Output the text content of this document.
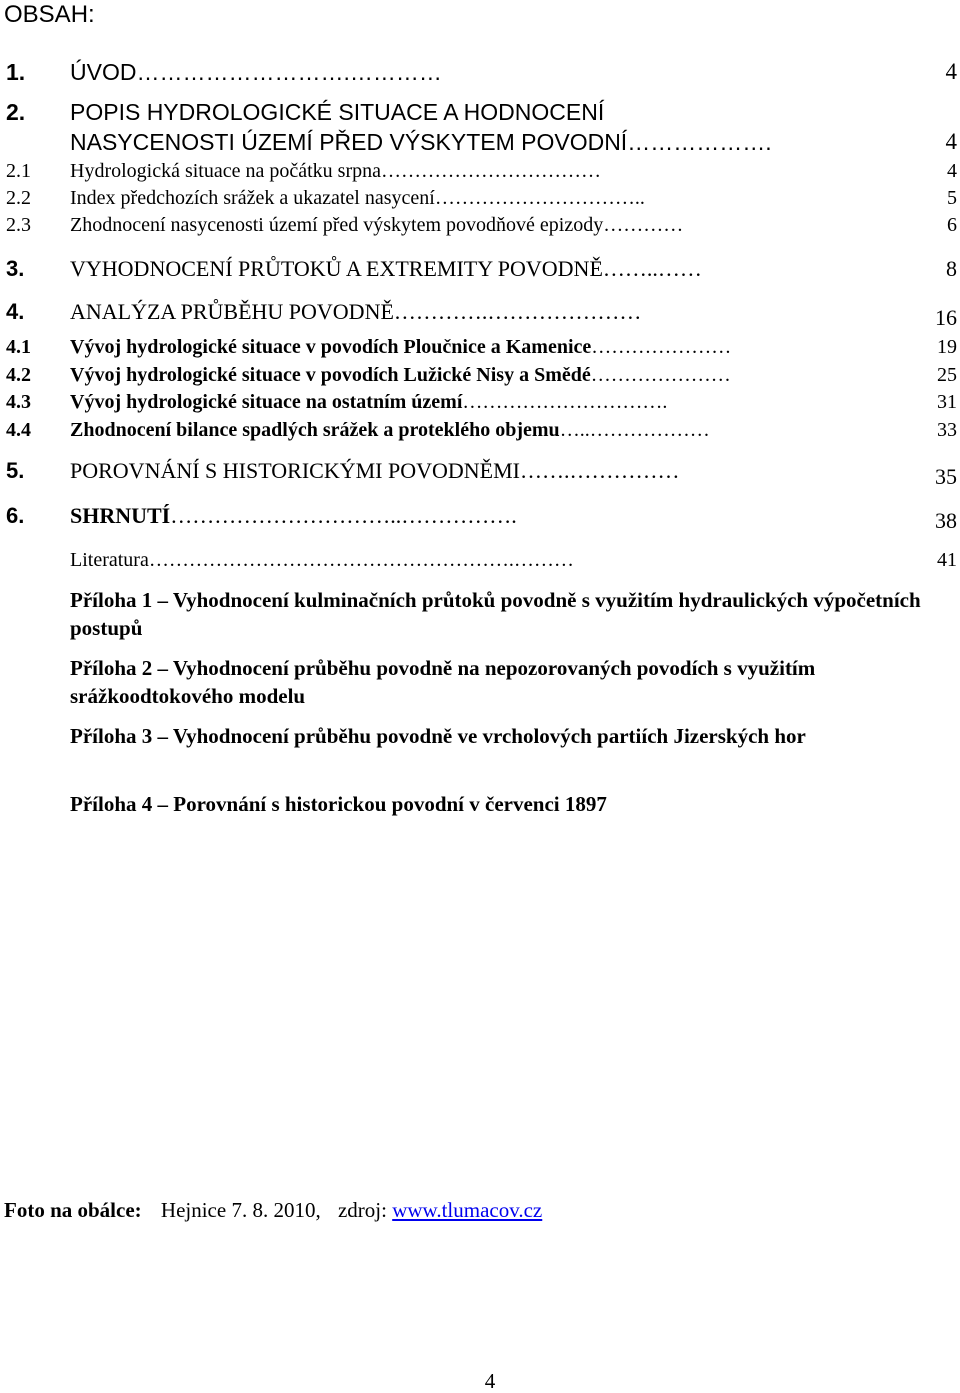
OBSAH:
1. ÚVOD……………………….…………	4
2. POPIS HYDROLOGICKÉ SITUACE A HODNOCENÍ
NASYCENOSTI ÚZEMÍ PŘED VÝSKYTEM POVODNÍ……………….	4
2.1 Hydrologická situace na počátku srpna……………………………	4
2.2 Index předchozích srážek a ukazatel nasycení…………………………..	5
2.3 Zhodnocení nasycenosti území před výskytem povodňové epizody…………	6
3. VYHODNOCENÍ PRŮTOKŮ A EXTREMITY POVODNĚ……..……	8
4. ANALÝZA PRŮBĚHU POVODNĚ………….…………………	16
4.1 Vývoj hydrologické situace v povodích Ploučnice a Kamenice…………………	19
4.2 Vývoj hydrologické situace v povodích Lužické Nisy a Smědé…………………	25
4.3 Vývoj hydrologické situace na ostatním území………………………….	31
4.4 Zhodnocení bilance spadlých srážek a proteklého objemu…..………………	33
5. POROVNÁNÍ S HISTORICKÝMI POVODNĚMI…….……………	35
6. SHRNUTÍ…………………………..…………….	38
Literatura……………………………………………….………	41
Příloha 1 – Vyhodnocení kulminačních průtoků povodně s využitím hydraulických výpočetních postupů
Příloha 2 – Vyhodnocení průběhu povodně na nepozorovaných povodích s využitím srážkoodtokového modelu
Příloha 3 – Vyhodnocení průběhu povodně ve vrcholových partiích Jizerských hor
Příloha 4 – Porovnání s historickou povodní v červenci 1897
Foto na obálce: Hejnice 7. 8. 2010, zdroj: www.tlumacov.cz
4
